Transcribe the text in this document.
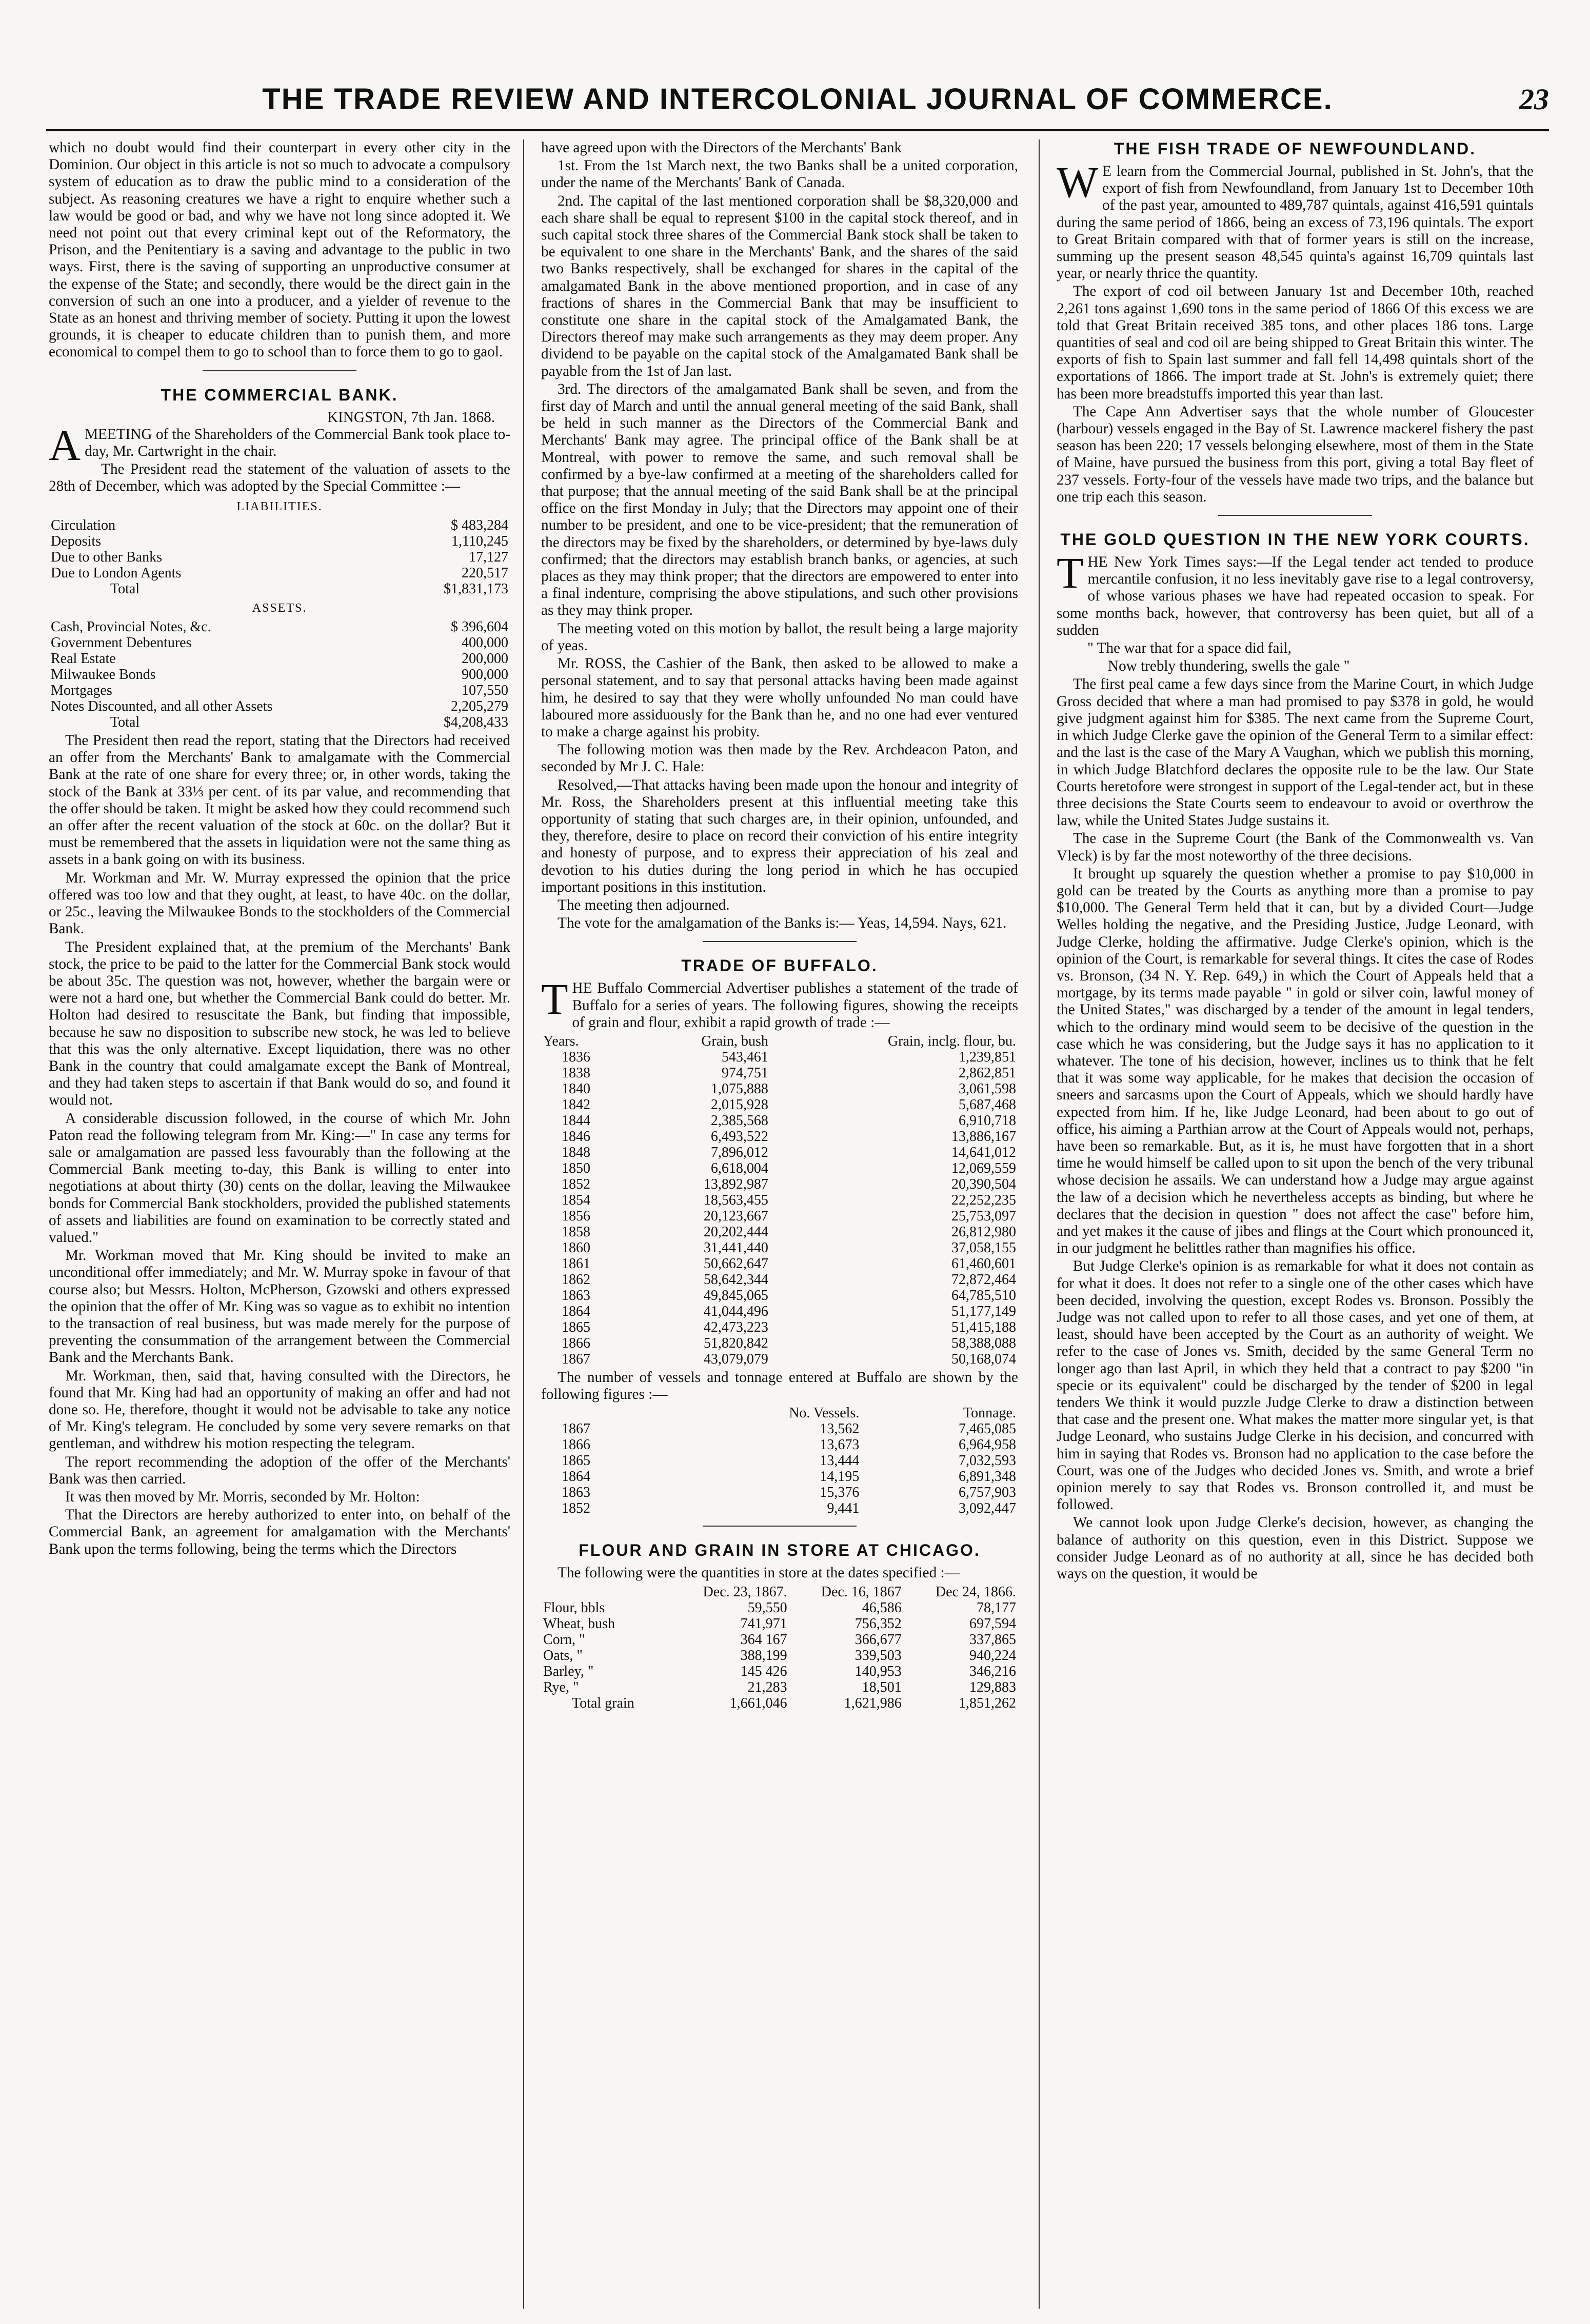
THE TRADE REVIEW AND INTERCOLONIAL JOURNAL OF COMMERCE.	23

which no doubt would find their counterpart in every other city in the Dominion. Our object in this article is not so much to advocate a compulsory system of education as to draw the public mind to a consideration of the subject. As reasoning creatures we have a right to enquire whether such a law would be good or bad, and why we have not long since adopted it. We need not point out that every criminal kept out of the Reformatory, the Prison, and the Penitentiary is a saving and advantage to the public in two ways. First, there is the saving of supporting an unproductive consumer at the expense of the State; and secondly, there would be the direct gain in the conversion of such an one into a producer, and a yielder of revenue to the State as an honest and thriving member of society. Putting it upon the lowest grounds, it is cheaper to educate children than to punish them, and more economical to compel them to go to school than to force them to go to gaol.

THE COMMERCIAL BANK.
KINGSTON, 7th Jan. 1868.

AMEETING of the Shareholders of the Commercial Bank took place to-day, Mr. Cartwright in the chair.

The President read the statement of the valuation of assets to the 28th of December, which was adopted by the Special Committee :—

LIABILITIES.
Circulation	$ 483,284
Deposits	1,110,245
Due to other Banks	17,127
Due to London Agents	220,517
Total	$1,831,173
ASSETS.
Cash, Provincial Notes, &c.	$ 396,604
Government Debentures	400,000
Real Estate	200,000
Milwaukee Bonds	900,000
Mortgages	107,550
Notes Discounted, and all other Assets	2,205,279
Total	$4,208,433

The President then read the report, stating that the Directors had received an offer from the Merchants' Bank to amalgamate with the Commercial Bank at the rate of one share for every three; or, in other words, taking the stock of the Bank at 33⅓ per cent. of its par value, and recommending that the offer should be taken. It might be asked how they could recommend such an offer after the recent valuation of the stock at 60c. on the dollar? But it must be remembered that the assets in liquidation were not the same thing as assets in a bank going on with its business.

Mr. Workman and Mr. W. Murray expressed the opinion that the price offered was too low and that they ought, at least, to have 40c. on the dollar, or 25c., leaving the Milwaukee Bonds to the stockholders of the Commercial Bank.

The President explained that, at the premium of the Merchants' Bank stock, the price to be paid to the latter for the Commercial Bank stock would be about 35c. The question was not, however, whether the bargain were or were not a hard one, but whether the Commercial Bank could do better. Mr. Holton had desired to resuscitate the Bank, but finding that impossible, because he saw no disposition to subscribe new stock, he was led to believe that this was the only alternative. Except liquidation, there was no other Bank in the country that could amalgamate except the Bank of Montreal, and they had taken steps to ascertain if that Bank would do so, and found it would not.

A considerable discussion followed, in the course of which Mr. John Paton read the following telegram from Mr. King:—" In case any terms for sale or amalgamation are passed less favourably than the following at the Commercial Bank meeting to-day, this Bank is willing to enter into negotiations at about thirty (30) cents on the dollar, leaving the Milwaukee bonds for Commercial Bank stockholders, provided the published statements of assets and liabilities are found on examination to be correctly stated and valued."

Mr. Workman moved that Mr. King should be invited to make an unconditional offer immediately; and Mr. W. Murray spoke in favour of that course also; but Messrs. Holton, McPherson, Gzowski and others expressed the opinion that the offer of Mr. King was so vague as to exhibit no intention to the transaction of real business, but was made merely for the purpose of preventing the consummation of the arrangement between the Commercial Bank and the Merchants Bank.

Mr. Workman, then, said that, having consulted with the Directors, he found that Mr. King had had an opportunity of making an offer and had not done so. He, therefore, thought it would not be advisable to take any notice of Mr. King's telegram. He concluded by some very severe remarks on that gentleman, and withdrew his motion respecting the telegram.

The report recommending the adoption of the offer of the Merchants' Bank was then carried.

It was then moved by Mr. Morris, seconded by Mr. Holton:

That the Directors are hereby authorized to enter into, on behalf of the Commercial Bank, an agreement for amalgamation with the Merchants' Bank upon the terms following, being the terms which the Directors

have agreed upon with the Directors of the Merchants' Bank

1st. From the 1st March next, the two Banks shall be a united corporation, under the name of the Merchants' Bank of Canada.

2nd. The capital of the last mentioned corporation shall be $8,320,000 and each share shall be equal to represent $100 in the capital stock thereof, and in such capital stock three shares of the Commercial Bank stock shall be taken to be equivalent to one share in the Merchants' Bank, and the shares of the said two Banks respectively, shall be exchanged for shares in the capital of the amalgamated Bank in the above mentioned proportion, and in case of any fractions of shares in the Commercial Bank that may be insufficient to constitute one share in the capital stock of the Amalgamated Bank, the Directors thereof may make such arrangements as they may deem proper. Any dividend to be payable on the capital stock of the Amalgamated Bank shall be payable from the 1st of Jan last.

3rd. The directors of the amalgamated Bank shall be seven, and from the first day of March and until the annual general meeting of the said Bank, shall be held in such manner as the Directors of the Commercial Bank and Merchants' Bank may agree. The principal office of the Bank shall be at Montreal, with power to remove the same, and such removal shall be confirmed by a bye-law confirmed at a meeting of the shareholders called for that purpose; that the annual meeting of the said Bank shall be at the principal office on the first Monday in July; that the Directors may appoint one of their number to be president, and one to be vice-president; that the remuneration of the directors may be fixed by the shareholders, or determined by bye-laws duly confirmed; that the directors may establish branch banks, or agencies, at such places as they may think proper; that the directors are empowered to enter into a final indenture, comprising the above stipulations, and such other provisions as they may think proper.

The meeting voted on this motion by ballot, the result being a large majority of yeas.

Mr. ROSS, the Cashier of the Bank, then asked to be allowed to make a personal statement, and to say that personal attacks having been made against him, he desired to say that they were wholly unfounded No man could have laboured more assiduously for the Bank than he, and no one had ever ventured to make a charge against his probity.

The following motion was then made by the Rev. Archdeacon Paton, and seconded by Mr J. C. Hale:

Resolved,—That attacks having been made upon the honour and integrity of Mr. Ross, the Shareholders present at this influential meeting take this opportunity of stating that such charges are, in their opinion, unfounded, and they, therefore, desire to place on record their conviction of his entire integrity and honesty of purpose, and to express their appreciation of his zeal and devotion to his duties during the long period in which he has occupied important positions in this institution.

The meeting then adjourned.

The vote for the amalgamation of the Banks is:— Yeas, 14,594. Nays, 621.

TRADE OF BUFFALO.

THE Buffalo Commercial Advertiser publishes a statement of the trade of Buffalo for a series of years. The following figures, showing the receipts of grain and flour, exhibit a rapid growth of trade :—

Years.	Grain, bush	Grain, inclg. flour, bu.
1836	543,461	1,239,851
1838	974,751	2,862,851
1840	1,075,888	3,061,598
1842	2,015,928	5,687,468
1844	2,385,568	6,910,718
1846	6,493,522	13,886,167
1848	7,896,012	14,641,012
1850	6,618,004	12,069,559
1852	13,892,987	20,390,504
1854	18,563,455	22,252,235
1856	20,123,667	25,753,097
1858	20,202,444	26,812,980
1860	31,441,440	37,058,155
1861	50,662,647	61,460,601
1862	58,642,344	72,872,464
1863	49,845,065	64,785,510
1864	41,044,496	51,177,149
1865	42,473,223	51,415,188
1866	51,820,842	58,388,088
1867	43,079,079	50,168,074

The number of vessels and tonnage entered at Buffalo are shown by the following figures :—

	No. Vessels.	Tonnage.
1867	13,562	7,465,085
1866	13,673	6,964,958
1865	13,444	7,032,593
1864	14,195	6,891,348
1863	15,376	6,757,903
1852	9,441	3,092,447
FLOUR AND GRAIN IN STORE AT CHICAGO.

The following were the quantities in store at the dates specified :—

	Dec. 23, 1867.	Dec. 16, 1867	Dec 24, 1866.
Flour, bbls	59,550	46,586	78,177
Wheat, bush	741,971	756,352	697,594
Corn, "	364 167	366,677	337,865
Oats, "	388,199	339,503	940,224
Barley, "	145 426	140,953	346,216
Rye, "	21,283	18,501	129,883
Total grain	1,661,046	1,621,986	1,851,262
THE FISH TRADE OF NEWFOUNDLAND.

W E learn from the Commercial Journal, published in St. John's, that the export of fish from Newfoundland, from January 1st to December 10th of the past year, amounted to 489,787 quintals, against 416,591 quintals during the same period of 1866, being an excess of 73,196 quintals. The export to Great Britain compared with that of former years is still on the increase, summing up the present season 48,545 quinta's against 16,709 quintals last year, or nearly thrice the quantity.

The export of cod oil between January 1st and December 10th, reached 2,261 tons against 1,690 tons in the same period of 1866 Of this excess we are told that Great Britain received 385 tons, and other places 186 tons. Large quantities of seal and cod oil are being shipped to Great Britain this winter. The exports of fish to Spain last summer and fall fell 14,498 quintals short of the exportations of 1866. The import trade at St. John's is extremely quiet; there has been more breadstuffs imported this year than last.

The Cape Ann Advertiser says that the whole number of Gloucester (harbour) vessels engaged in the Bay of St. Lawrence mackerel fishery the past season has been 220; 17 vessels belonging elsewhere, most of them in the State of Maine, have pursued the business from this port, giving a total Bay fleet of 237 vessels. Forty-four of the vessels have made two trips, and the balance but one trip each this season.

THE GOLD QUESTION IN THE NEW YORK COURTS.

THE New York Times says:—If the Legal tender act tended to produce mercantile confusion, it no less inevitably gave rise to a legal controversy, of whose various phases we have had repeated occasion to speak. For some months back, however, that controversy has been quiet, but all of a sudden

" The war that for a space did fail,

Now trebly thundering, swells the gale "

The first peal came a few days since from the Marine Court, in which Judge Gross decided that where a man had promised to pay $378 in gold, he would give judgment against him for $385. The next came from the Supreme Court, in which Judge Clerke gave the opinion of the General Term to a similar effect: and the last is the case of the Mary A Vaughan, which we publish this morning, in which Judge Blatchford declares the opposite rule to be the law. Our State Courts heretofore were strongest in support of the Legal-tender act, but in these three decisions the State Courts seem to endeavour to avoid or overthrow the law, while the United States Judge sustains it.

The case in the Supreme Court (the Bank of the Commonwealth vs. Van Vleck) is by far the most noteworthy of the three decisions.

It brought up squarely the question whether a promise to pay $10,000 in gold can be treated by the Courts as anything more than a promise to pay $10,000. The General Term held that it can, but by a divided Court—Judge Welles holding the negative, and the Presiding Justice, Judge Leonard, with Judge Clerke, holding the affirmative. Judge Clerke's opinion, which is the opinion of the Court, is remarkable for several things. It cites the case of Rodes vs. Bronson, (34 N. Y. Rep. 649,) in which the Court of Appeals held that a mortgage, by its terms made payable " in gold or silver coin, lawful money of the United States," was discharged by a tender of the amount in legal tenders, which to the ordinary mind would seem to be decisive of the question in the case which he was considering, but the Judge says it has no application to it whatever. The tone of his decision, however, inclines us to think that he felt that it was some way applicable, for he makes that decision the occasion of sneers and sarcasms upon the Court of Appeals, which we should hardly have expected from him. If he, like Judge Leonard, had been about to go out of office, his aiming a Parthian arrow at the Court of Appeals would not, perhaps, have been so remarkable. But, as it is, he must have forgotten that in a short time he would himself be called upon to sit upon the bench of the very tribunal whose decision he assails. We can understand how a Judge may argue against the law of a decision which he nevertheless accepts as binding, but where he declares that the decision in question " does not affect the case" before him, and yet makes it the cause of jibes and flings at the Court which pronounced it, in our judgment he belittles rather than magnifies his office.

But Judge Clerke's opinion is as remarkable for what it does not contain as for what it does. It does not refer to a single one of the other cases which have been decided, involving the question, except Rodes vs. Bronson. Possibly the Judge was not called upon to refer to all those cases, and yet one of them, at least, should have been accepted by the Court as an authority of weight. We refer to the case of Jones vs. Smith, decided by the same General Term no longer ago than last April, in which they held that a contract to pay $200 "in specie or its equivalent" could be discharged by the tender of $200 in legal tenders We think it would puzzle Judge Clerke to draw a distinction between that case and the present one. What makes the matter more singular yet, is that Judge Leonard, who sustains Judge Clerke in his decision, and concurred with him in saying that Rodes vs. Bronson had no application to the case before the Court, was one of the Judges who decided Jones vs. Smith, and wrote a brief opinion merely to say that Rodes vs. Bronson controlled it, and must be followed.

We cannot look upon Judge Clerke's decision, however, as changing the balance of authority on this question, even in this District. Suppose we consider Judge Leonard as of no authority at all, since he has decided both ways on the question, it would be
